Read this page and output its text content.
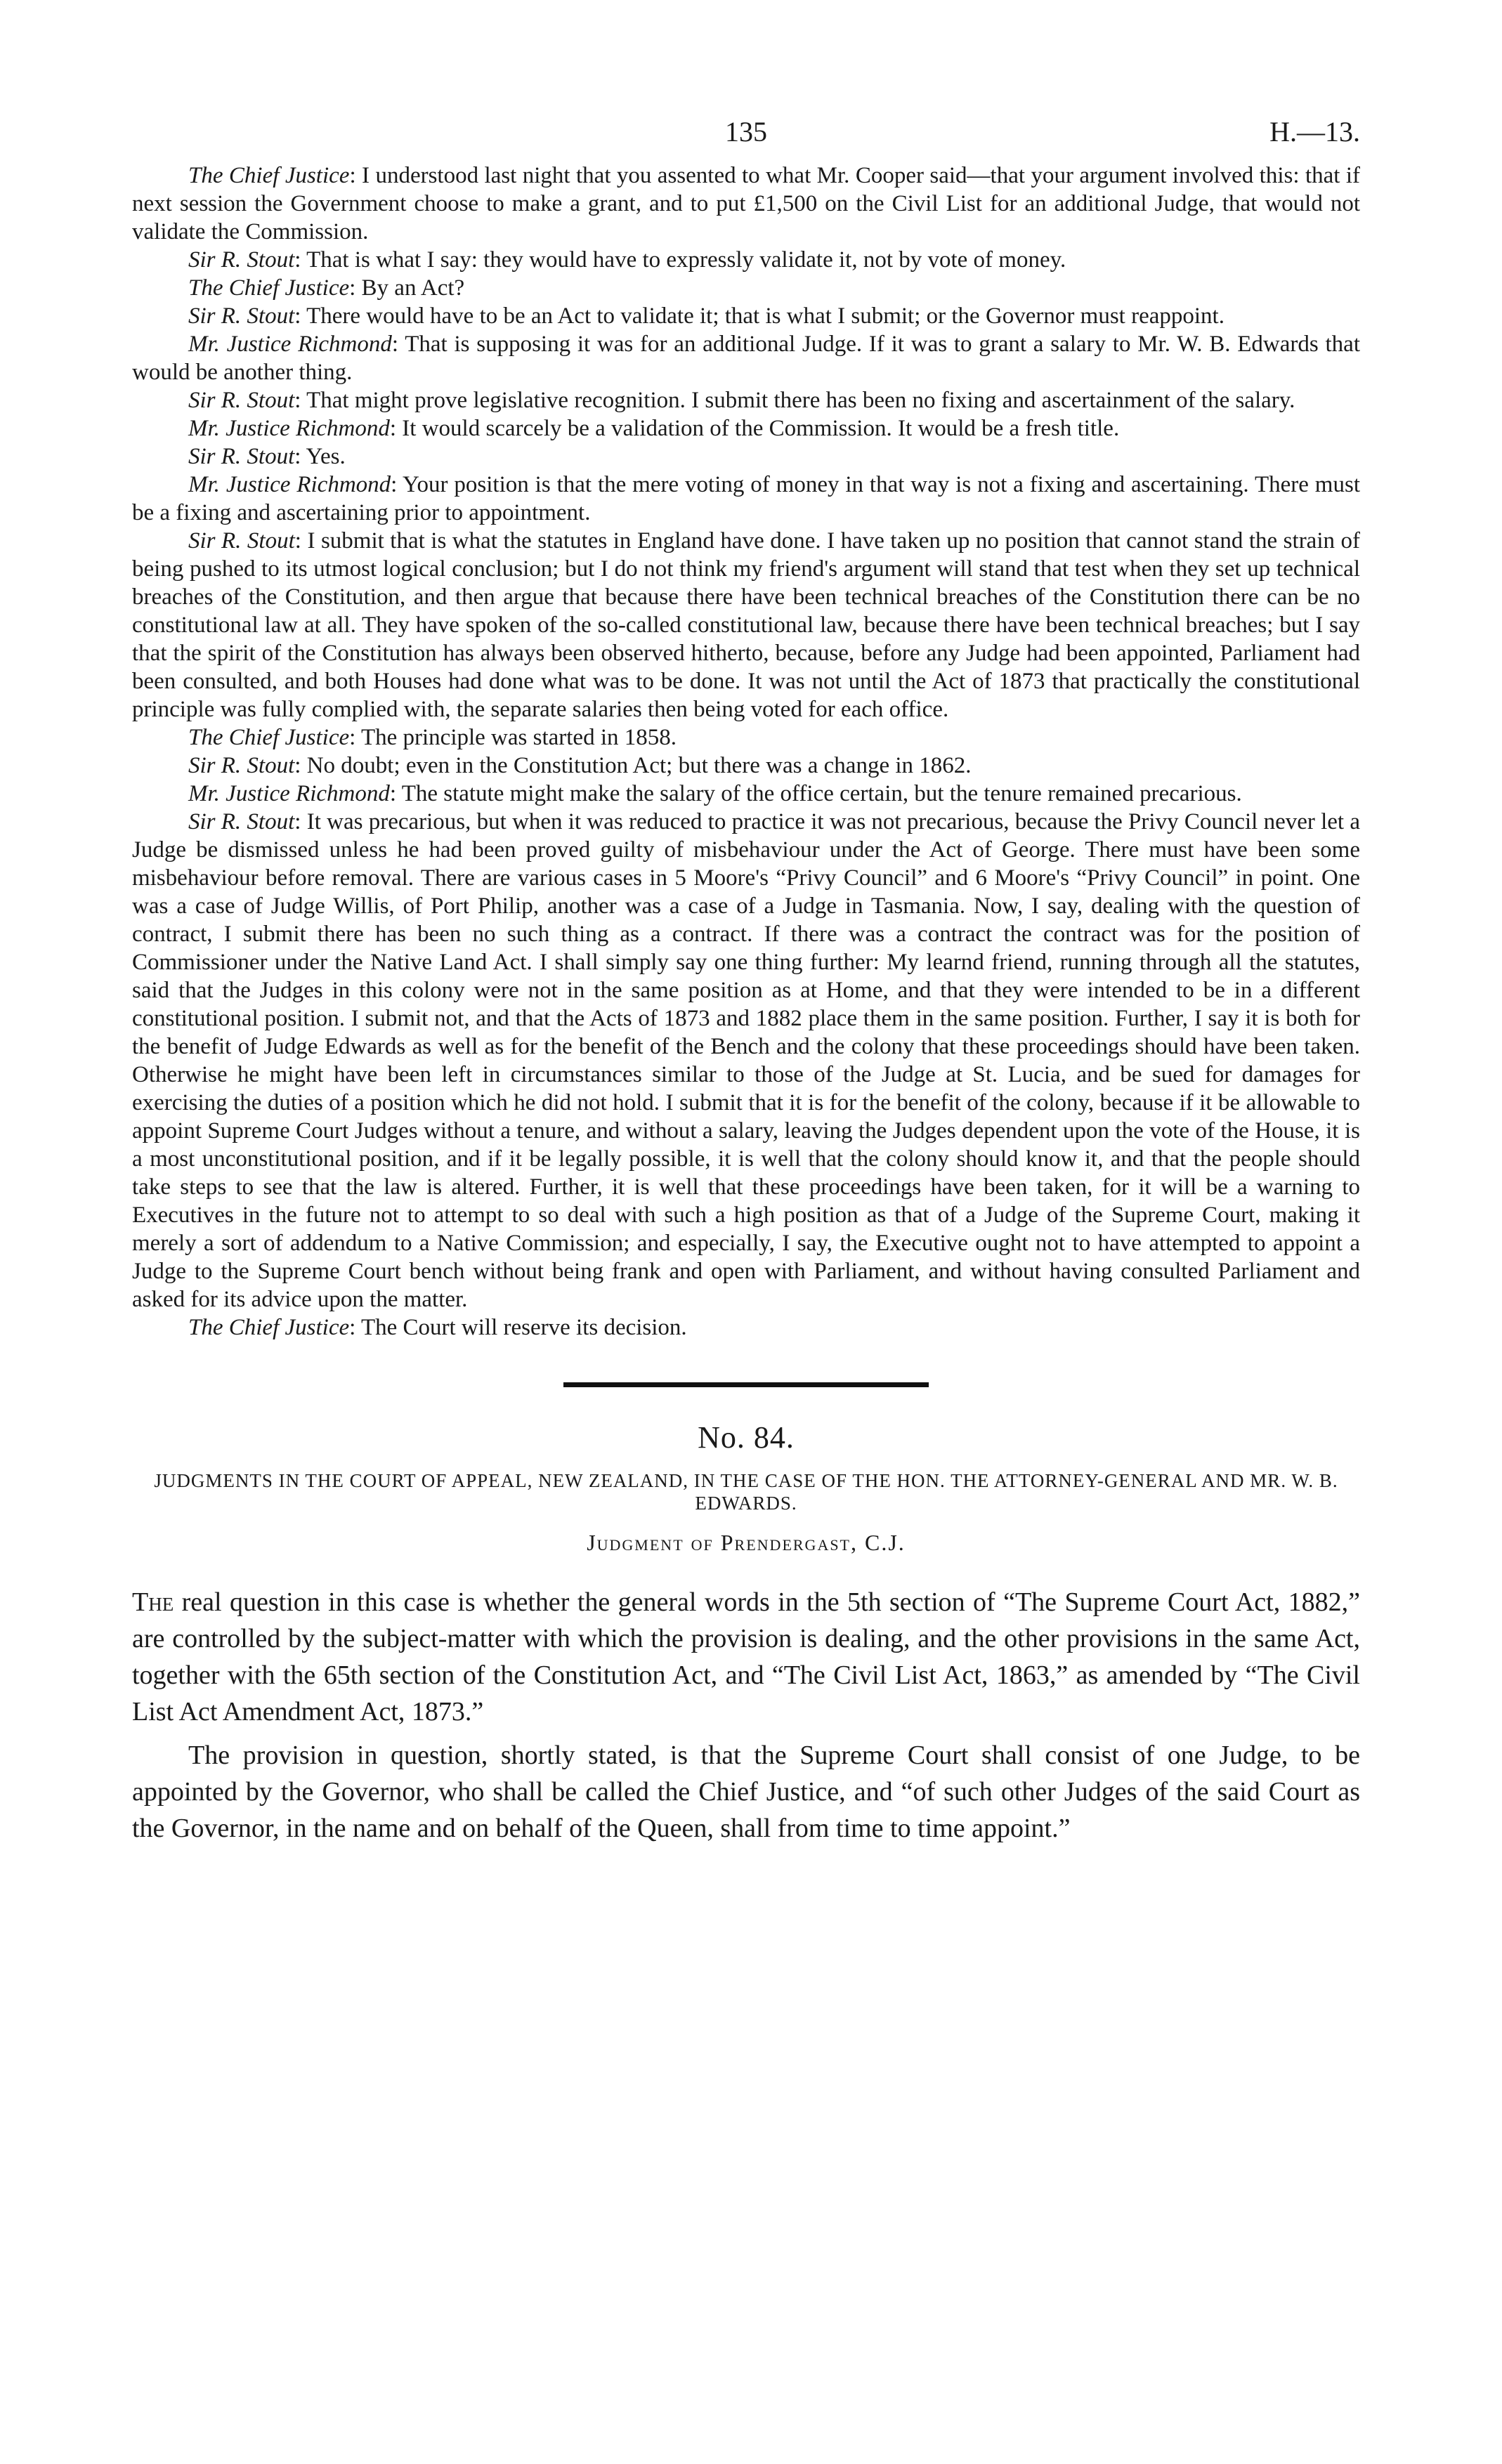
135	H.—13.

The Chief Justice: I understood last night that you assented to what Mr. Cooper said—that your argument involved this: that if next session the Government choose to make a grant, and to put £1,500 on the Civil List for an additional Judge, that would not validate the Commission.

Sir R. Stout: That is what I say: they would have to expressly validate it, not by vote of money.

The Chief Justice: By an Act?

Sir R. Stout: There would have to be an Act to validate it; that is what I submit; or the Governor must reappoint.

Mr. Justice Richmond: That is supposing it was for an additional Judge. If it was to grant a salary to Mr. W. B. Edwards that would be another thing.

Sir R. Stout: That might prove legislative recognition. I submit there has been no fixing and ascertainment of the salary.

Mr. Justice Richmond: It would scarcely be a validation of the Commission. It would be a fresh title.

Sir R. Stout: Yes.

Mr. Justice Richmond: Your position is that the mere voting of money in that way is not a fixing and ascertaining. There must be a fixing and ascertaining prior to appointment.

Sir R. Stout: I submit that is what the statutes in England have done. I have taken up no position that cannot stand the strain of being pushed to its utmost logical conclusion; but I do not think my friend's argument will stand that test when they set up technical breaches of the Constitution, and then argue that because there have been technical breaches of the Constitution there can be no constitutional law at all. They have spoken of the so-called constitutional law, because there have been technical breaches; but I say that the spirit of the Constitution has always been observed hitherto, because, before any Judge had been appointed, Parliament had been consulted, and both Houses had done what was to be done. It was not until the Act of 1873 that practically the constitutional principle was fully complied with, the separate salaries then being voted for each office.

The Chief Justice: The principle was started in 1858.

Sir R. Stout: No doubt; even in the Constitution Act; but there was a change in 1862.

Mr. Justice Richmond: The statute might make the salary of the office certain, but the tenure remained precarious.

Sir R. Stout: It was precarious, but when it was reduced to practice it was not precarious, because the Privy Council never let a Judge be dismissed unless he had been proved guilty of misbehaviour under the Act of George. There must have been some misbehaviour before removal. There are various cases in 5 Moore's “Privy Council” and 6 Moore's “Privy Council” in point. One was a case of Judge Willis, of Port Philip, another was a case of a Judge in Tasmania. Now, I say, dealing with the question of contract, I submit there has been no such thing as a contract. If there was a contract the contract was for the position of Commissioner under the Native Land Act. I shall simply say one thing further: My learnd friend, running through all the statutes, said that the Judges in this colony were not in the same position as at Home, and that they were intended to be in a different constitutional position. I submit not, and that the Acts of 1873 and 1882 place them in the same position. Further, I say it is both for the benefit of Judge Edwards as well as for the benefit of the Bench and the colony that these proceedings should have been taken. Otherwise he might have been left in circumstances similar to those of the Judge at St. Lucia, and be sued for damages for exercising the duties of a position which he did not hold. I submit that it is for the benefit of the colony, because if it be allowable to appoint Supreme Court Judges without a tenure, and without a salary, leaving the Judges dependent upon the vote of the House, it is a most unconstitutional position, and if it be legally possible, it is well that the colony should know it, and that the people should take steps to see that the law is altered. Further, it is well that these proceedings have been taken, for it will be a warning to Executives in the future not to attempt to so deal with such a high position as that of a Judge of the Supreme Court, making it merely a sort of addendum to a Native Commission; and especially, I say, the Executive ought not to have attempted to appoint a Judge to the Supreme Court bench without being frank and open with Parliament, and without having consulted Parliament and asked for its advice upon the matter.

The Chief Justice: The Court will reserve its decision.

No. 84.
JUDGMENTS IN THE COURT OF APPEAL, NEW ZEALAND, IN THE CASE OF THE HON. THE ATTORNEY-GENERAL AND MR. W. B. EDWARDS.
Judgment of Prendergast, C.J.

The real question in this case is whether the general words in the 5th section of “The Supreme Court Act, 1882,” are controlled by the subject-matter with which the provision is dealing, and the other provisions in the same Act, together with the 65th section of the Constitution Act, and “The Civil List Act, 1863,” as amended by “The Civil List Act Amendment Act, 1873.”

The provision in question, shortly stated, is that the Supreme Court shall consist of one Judge, to be appointed by the Governor, who shall be called the Chief Justice, and “of such other Judges of the said Court as the Governor, in the name and on behalf of the Queen, shall from time to time appoint.”
